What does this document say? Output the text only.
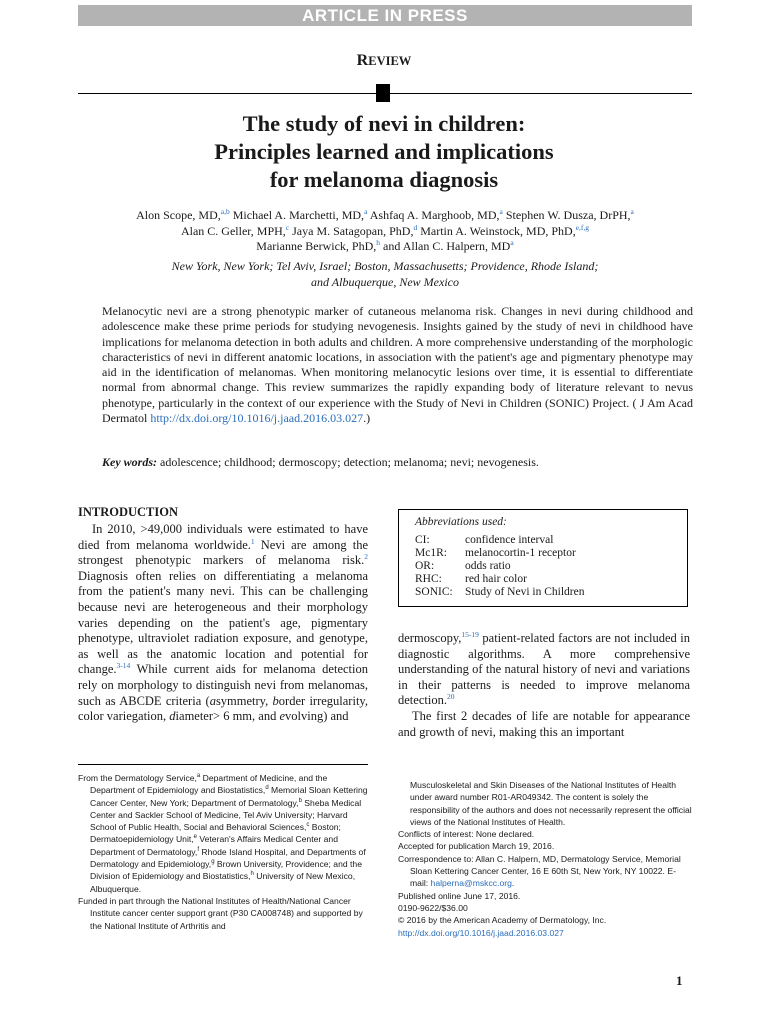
ARTICLE IN PRESS
REVIEW
The study of nevi in children:
Principles learned and implications
for melanoma diagnosis
Alon Scope, MD,$^{a,b}$ Michael A. Marchetti, MD,$^a$ Ashfaq A. Marghoob, MD,$^a$ Stephen W. Dusza, DrPH,$^a$
Alan C. Geller, MPH,$^c$ Jaya M. Satagopan, PhD,$^d$ Martin A. Weinstock, MD, PhD,$^{e,f,g}$
Marianne Berwick, PhD,$^h$ and Allan C. Halpern, $MD^a$
New York, New York; Tel Aviv, Israel; Boston, Massachusetts; Providence, Rhode Island;
and Albuquerque, New Mexico
Melanocytic nevi are a strong phenotypic marker of cutaneous melanoma risk. Changes in nevi during childhood and adolescence make these prime periods for studying nevogenesis. Insights gained by the study of nevi in childhood have implications for melanoma detection in both adults and children. A more comprehensive understanding of the morphologic characteristics of nevi in different anatomic locations, in association with the patient's age and pigmentary phenotype may aid in the identification of melanomas. When monitoring melanocytic lesions over time, it is essential to differentiate normal from abnormal change. This review summarizes the rapidly expanding body of literature relevant to nevus phenotype, particularly in the context of our experience with the Study of Nevi in Children (SONIC) Project. ( J Am Acad Dermatol http://dx.doi.org/10.1016/j.jaad.2016.03.027.)
Key words: adolescence; childhood; dermoscopy; detection; melanoma; nevi; nevogenesis.
INTRODUCTION

In 2010, >49,000 individuals were estimated to have died from melanoma worldwide.$^1$ Nevi are among the strongest phenotypic markers of melanoma risk.$^2$ Diagnosis often relies on differentiating a melanoma from the patient's many nevi. This can be challenging because nevi are heterogeneous and their morphology varies depending on the patient's age, pigmentary phenotype, ultraviolet radiation exposure, and genotype, as well as the anatomic location and potential for change.$^{3-14}$ While current aids for melanoma detection rely on morphology to distinguish nevi from melanomas, such as ABCDE criteria (asymmetry, border irregularity, color variegation, diameter> 6 mm, and evolving) and

Abbreviations used:
CI:	confidence interval
Mc1R: melanocortin-1 receptor
OR:	odds ratio
RHC: red hair color
SONIC: Study of Nevi in Children

dermoscopy,$^{15-19}$ patient-related factors are not included in diagnostic algorithms. A more comprehensive understanding of the natural history of nevi and variations in their patterns is needed to improve melanoma detection.$^{20}$

The first 2 decades of life are notable for appearance and growth of nevi, making this an important

From the Dermatology Service,$^a$ Department of Medicine, and the Department of Epidemiology and Biostatistics,$^d$ Memorial Sloan Kettering Cancer Center, New York; Department of Dermatology,$^b$ Sheba Medical Center and Sackler School of Medicine, Tel Aviv University; Harvard School of Public Health, Social and Behavioral Sciences,$^c$ Boston; Dermatoepidemiology Unit,$^e$ Veteran's Affairs Medical Center and Department of Dermatology,$^f$ Rhode Island Hospital, and Departments of Dermatology and Epidemiology,$^g$ Brown University, Providence; and the Division of Epidemiology and Biostatistics,$^h$ University of New Mexico, Albuquerque.

Funded in part through the National Institutes of Health/National Cancer Institute cancer center support grant (P30 CA008748) and supported by the National Institute of Arthritis and

Musculoskeletal and Skin Diseases of the National Institutes of Health under award number R01-AR049342. The content is solely the responsibility of the authors and does not necessarily represent the official views of the National Institutes of Health.

Conflicts of interest: None declared.

Accepted for publication March 19, 2016.

Correspondence to: Allan C. Halpern, MD, Dermatology Service, Memorial Sloan Kettering Cancer Center, 16 E 60th St, New York, NY 10022. E-mail: halperna@mskcc.org.

Published online June 17, 2016.

0190-9622/$36.00

© 2016 by the American Academy of Dermatology, Inc.

http://dx.doi.org/10.1016/j.jaad.2016.03.027

1
